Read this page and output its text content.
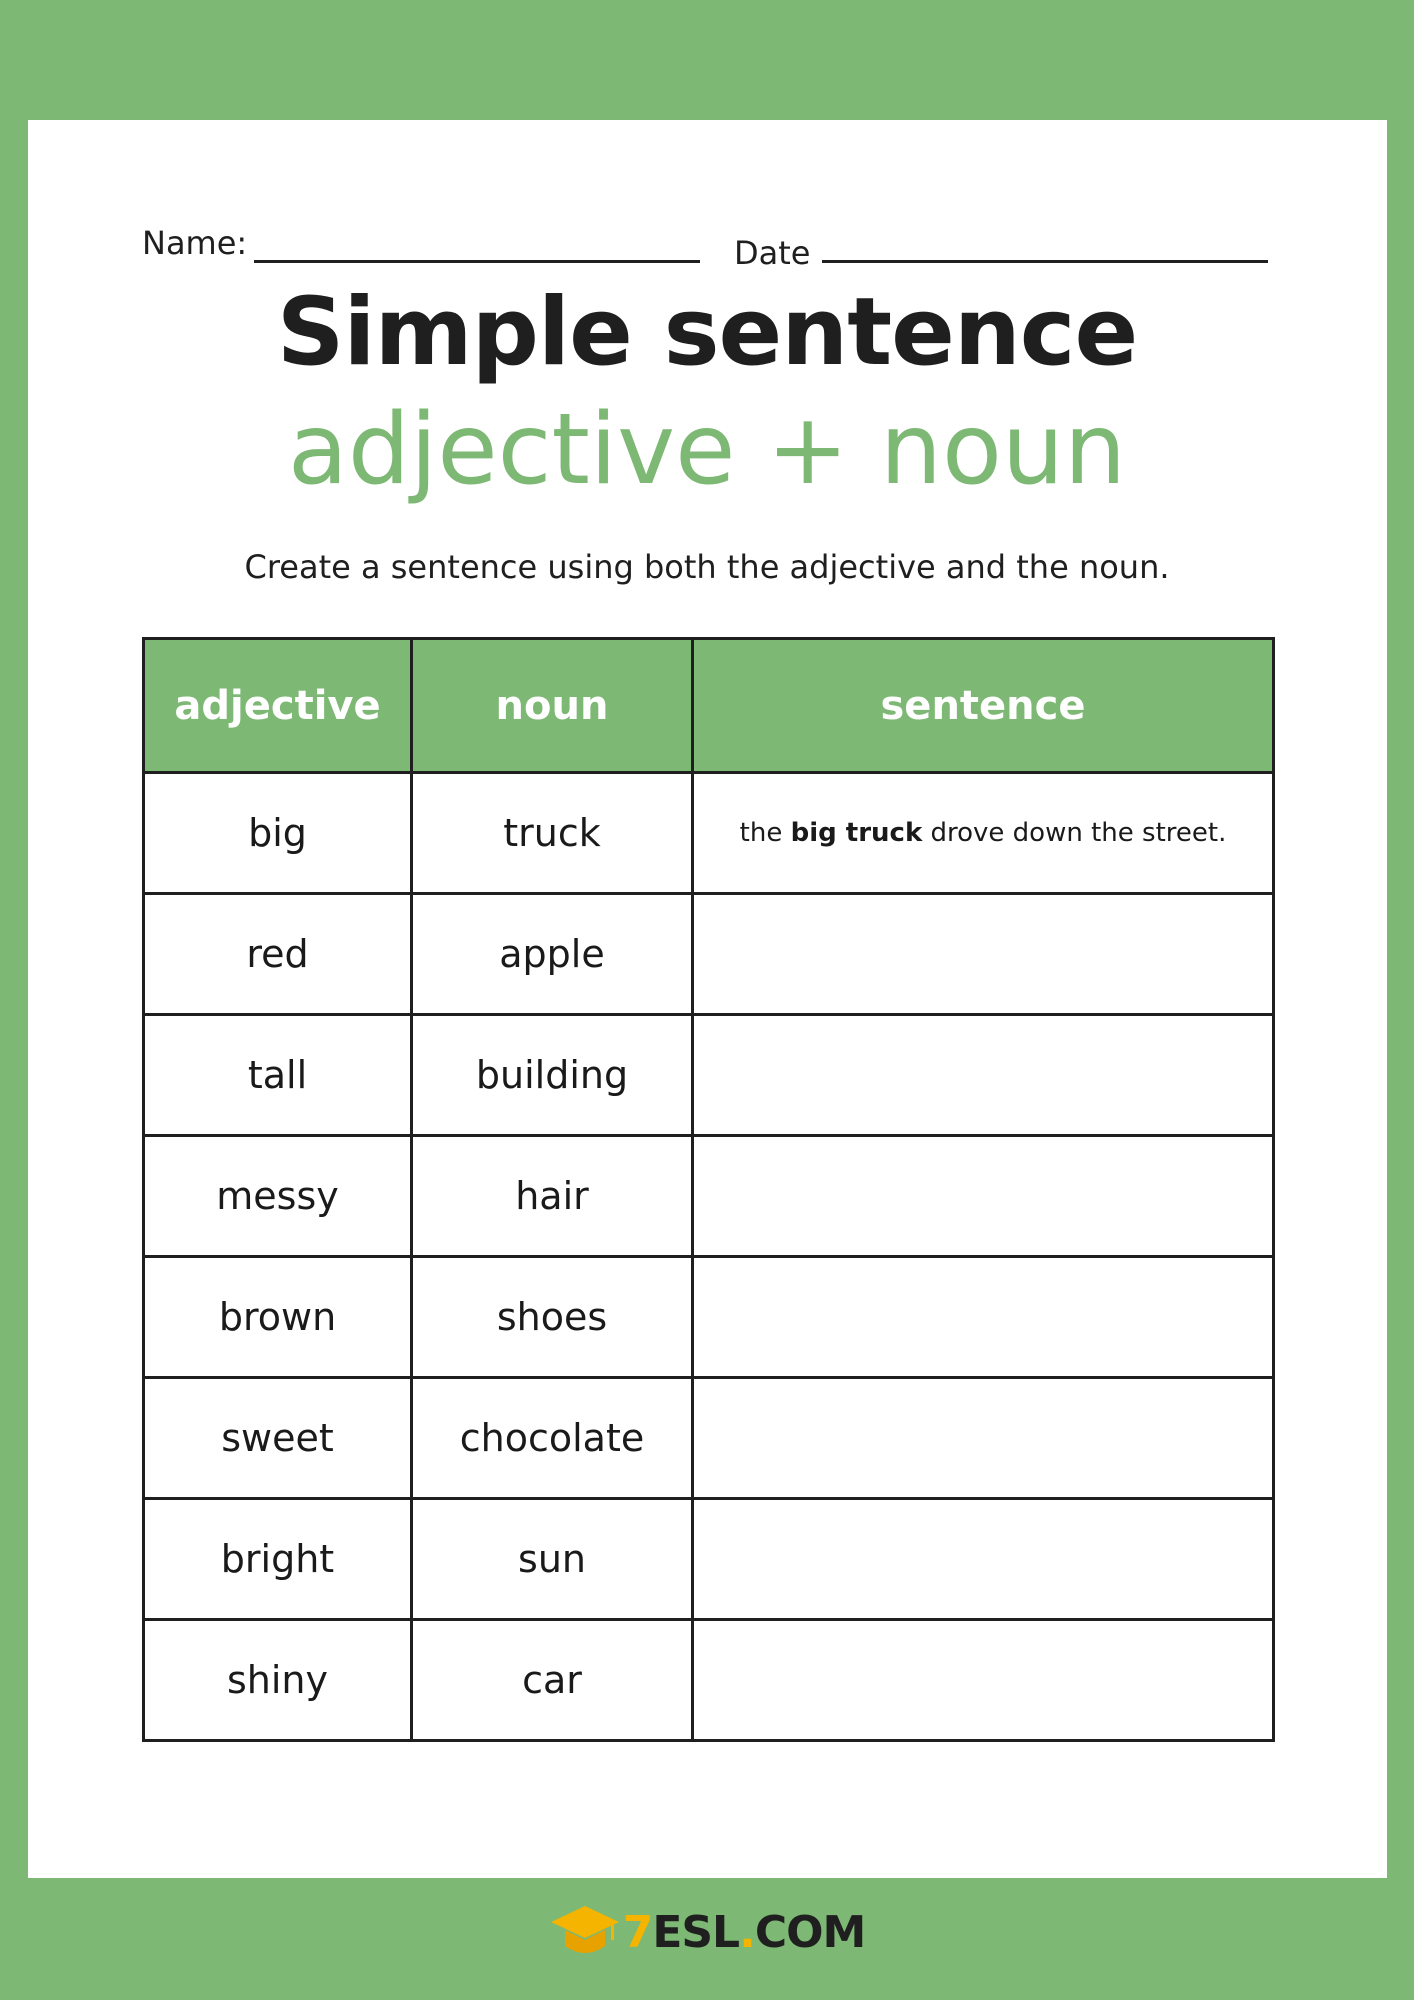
Name:	Date
Simple sentence
adjective + noun
Create a sentence using both the adjective and the noun.
adjective	noun	sentence
big	truck	the big truck drove down the street.
red	apple	
tall	building	
messy	hair	
brown	shoes	
sweet	chocolate	
bright	sun	
shiny	car	
7ESL.COM
